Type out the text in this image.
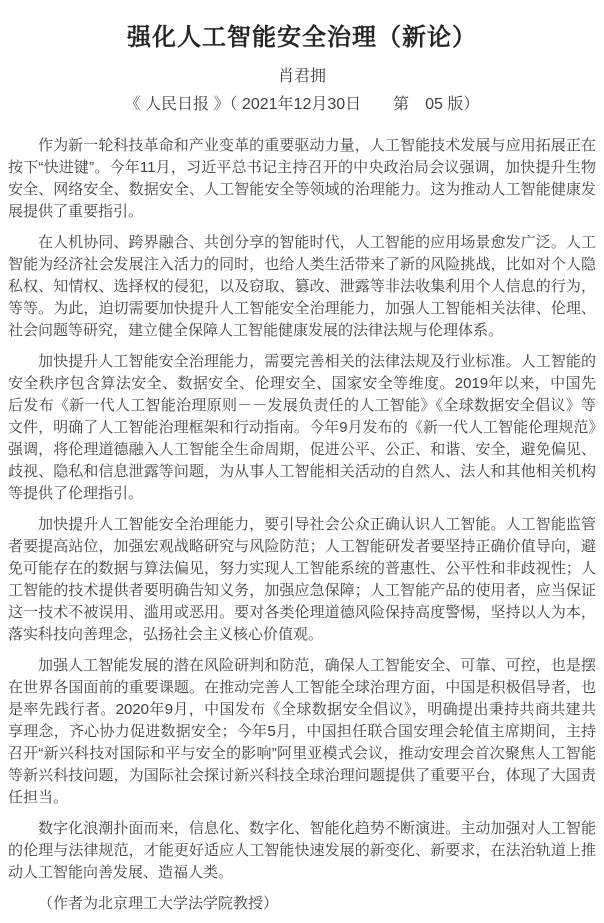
强化人工智能安全治理（新论）
肖君拥
《 人民日报 》（ 2021年12月30日　　第　05 版）

作为新一轮科技革命和产业变革的重要驱动力量，人工智能技术发展与应用拓展正在按下“快进键”。今年11月，习近平总书记主持召开的中央政治局会议强调，加快提升生物安全、网络安全、数据安全、人工智能安全等领域的治理能力。这为推动人工智能健康发展提供了重要指引。

在人机协同、跨界融合、共创分享的智能时代，人工智能的应用场景愈发广泛。人工智能为经济社会发展注入活力的同时，也给人类生活带来了新的风险挑战，比如对个人隐私权、知情权、选择权的侵犯，以及窃取、篡改、泄露等非法收集利用个人信息的行为，等等。为此，迫切需要加快提升人工智能安全治理能力，加强人工智能相关法律、伦理、社会问题等研究，建立健全保障人工智能健康发展的法律法规与伦理体系。

加快提升人工智能安全治理能力，需要完善相关的法律法规及行业标准。人工智能的安全秩序包含算法安全、数据安全、伦理安全、国家安全等维度。2019年以来，中国先后发布《新一代人工智能治理原则－－发展负责任的人工智能》《全球数据安全倡议》等文件，明确了人工智能治理框架和行动指南。今年9月发布的《新一代人工智能伦理规范》强调，将伦理道德融入人工智能全生命周期，促进公平、公正、和谐、安全，避免偏见、歧视、隐私和信息泄露等问题，为从事人工智能相关活动的自然人、法人和其他相关机构等提供了伦理指引。

加快提升人工智能安全治理能力，要引导社会公众正确认识人工智能。人工智能监管者要提高站位，加强宏观战略研究与风险防范；人工智能研发者要坚持正确价值导向，避免可能存在的数据与算法偏见，努力实现人工智能系统的普惠性、公平性和非歧视性；人工智能的技术提供者要明确告知义务，加强应急保障；人工智能产品的使用者，应当保证这一技术不被误用、滥用或恶用。要对各类伦理道德风险保持高度警惕，坚持以人为本，落实科技向善理念，弘扬社会主义核心价值观。

加强人工智能发展的潜在风险研判和防范，确保人工智能安全、可靠、可控，也是摆在世界各国面前的重要课题。在推动完善人工智能全球治理方面，中国是积极倡导者，也是率先践行者。2020年9月，中国发布《全球数据安全倡议》，明确提出秉持共商共建共享理念，齐心协力促进数据安全；今年5月，中国担任联合国安理会轮值主席期间，主持召开“新兴科技对国际和平与安全的影响”阿里亚模式会议，推动安理会首次聚焦人工智能等新兴科技问题，为国际社会探讨新兴科技全球治理问题提供了重要平台，体现了大国责任担当。

数字化浪潮扑面而来，信息化、数字化、智能化趋势不断演进。主动加强对人工智能的伦理与法律规范，才能更好适应人工智能快速发展的新变化、新要求，在法治轨道上推动人工智能向善发展、造福人类。

（作者为北京理工大学法学院教授）
